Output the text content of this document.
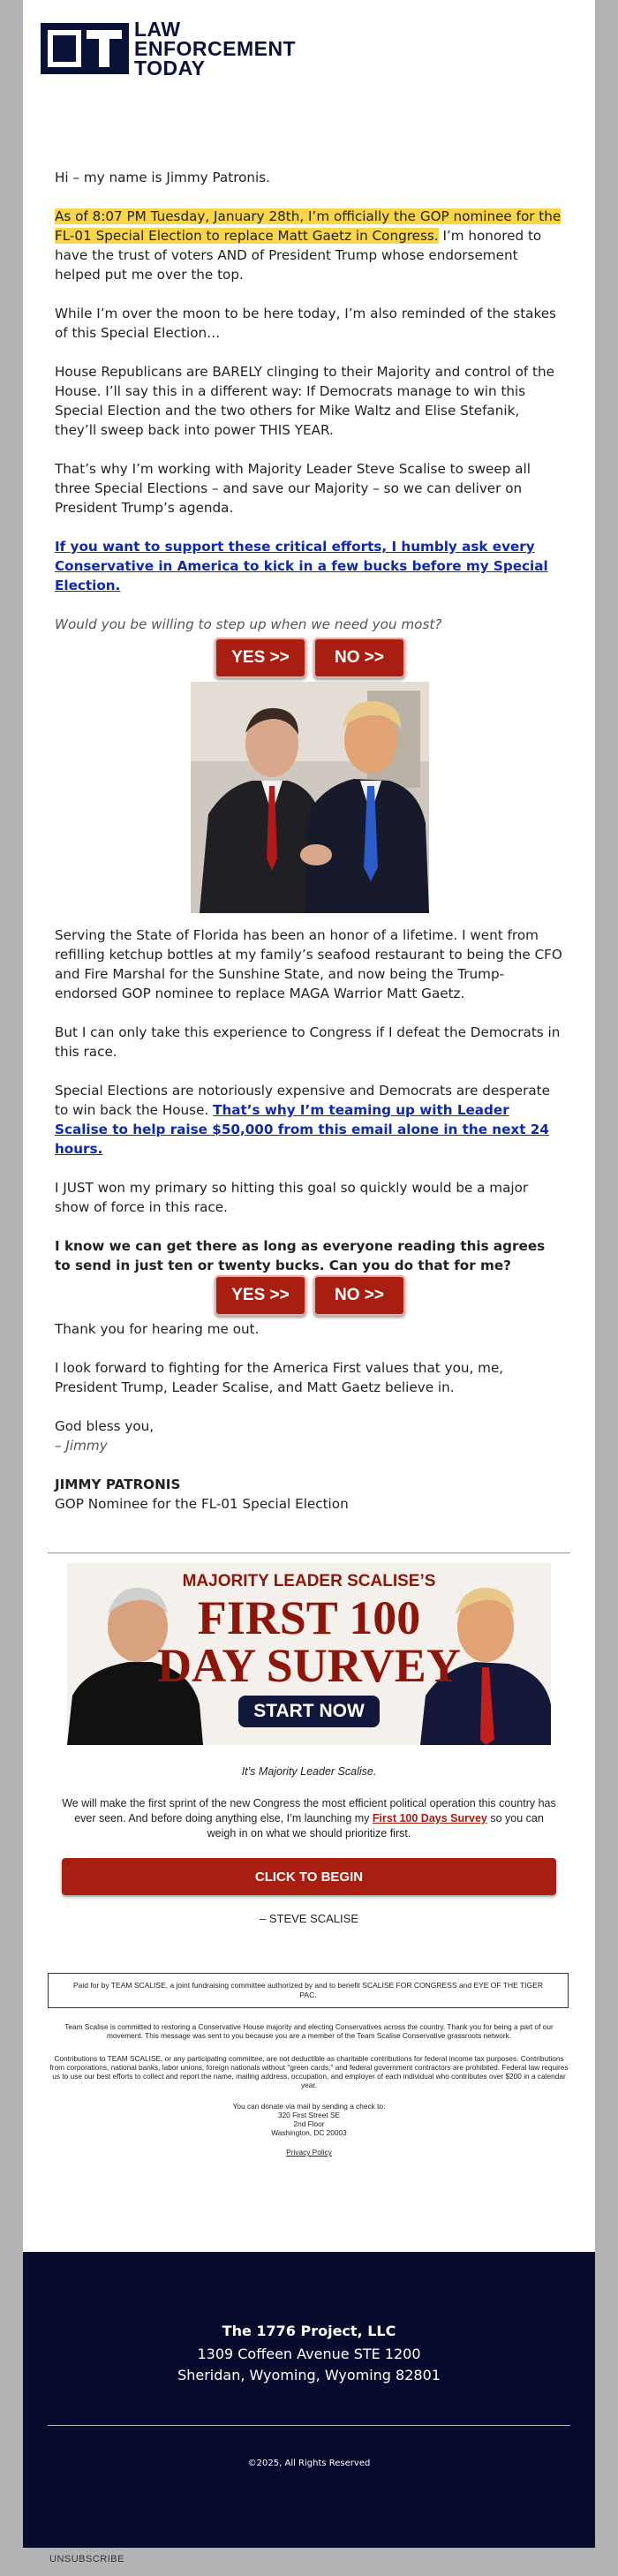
LAW
ENFORCEMENT
TODAY

Hi – my name is Jimmy Patronis.

As of 8:07 PM Tuesday, January 28th, I’m officially the GOP nominee for the FL-01 Special Election to replace Matt Gaetz in Congress. I’m honored to have the trust of voters AND of President Trump whose endorsement helped put me over the top.

While I’m over the moon to be here today, I’m also reminded of the stakes of this Special Election…

House Republicans are BARELY clinging to their Majority and control of the House. I’ll say this in a different way: If Democrats manage to win this Special Election and the two others for Mike Waltz and Elise Stefanik, they’ll sweep back into power THIS YEAR.

That’s why I’m working with Majority Leader Steve Scalise to sweep all three Special Elections – and save our Majority – so we can deliver on President Trump’s agenda.

If you want to support these critical efforts, I humbly ask every Conservative in America to kick in a few bucks before my Special Election.

Would you be willing to step up when we need you most?

YES >>	NO >>

Serving the State of Florida has been an honor of a lifetime. I went from refilling ketchup bottles at my family’s seafood restaurant to being the CFO and Fire Marshal for the Sunshine State, and now being the Trump-endorsed GOP nominee to replace MAGA Warrior Matt Gaetz.

But I can only take this experience to Congress if I defeat the Democrats in this race.

Special Elections are notoriously expensive and Democrats are desperate to win back the House. That’s why I’m teaming up with Leader Scalise to help raise $50,000 from this email alone in the next 24 hours.

I JUST won my primary so hitting this goal so quickly would be a major show of force in this race.

I know we can get there as long as everyone reading this agrees to send in just ten or twenty bucks. Can you do that for me?

YES >>	NO >>

Thank you for hearing me out.

I look forward to fighting for the America First values that you, me, President Trump, Leader Scalise, and Matt Gaetz believe in.

God bless you,

– Jimmy

JIMMY PATRONIS
GOP Nominee for the FL-01 Special Election
MAJORITY LEADER SCALISE’S
FIRST 100
DAY SURVEY
START NOW
It’s Majority Leader Scalise.
We will make the first sprint of the new Congress the most efficient political operation this country has ever seen. And before doing anything else, I’m launching my First 100 Days Survey so you can weigh in on what we should prioritize first.
CLICK TO BEGIN
– STEVE SCALISE
Paid for by TEAM SCALISE, a joint fundraising committee authorized by and to benefit SCALISE FOR CONGRESS and EYE OF THE TIGER PAC.
Team Scalise is committed to restoring a Conservative House majority and electing Conservatives across the country. Thank you for being a part of our movement. This message was sent to you because you are a member of the Team Scalise Conservative grassroots network.
Contributions to TEAM SCALISE, or any participating committee, are not deductible as charitable contributions for federal income tax purposes. Contributions from corporations, national banks, labor unions, foreign nationals without "green cards," and federal government contractors are prohibited. Federal law requires us to use our best efforts to collect and report the name, mailing address, occupation, and employer of each individual who contributes over $200 in a calendar year.
You can donate via mail by sending a check to:
320 First Street SE
2nd Floor
Washington, DC 20003
Privacy Policy
The 1776 Project, LLC
1309 Coffeen Avenue STE 1200
Sheridan, Wyoming, Wyoming 82801
©2025, All Rights Reserved
UNSUBSCRIBE
